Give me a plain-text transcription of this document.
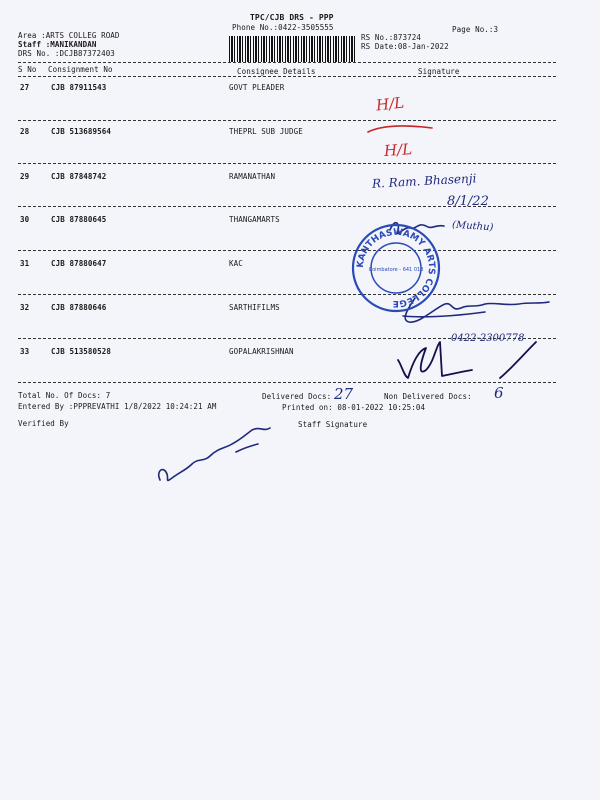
TPC/CJB DRS - PPP
Phone No.:0422-3505555	Page No.:3
Area :ARTS COLLEG ROAD
Staff :MANIKANDAN
DRS No. :DCJB87372403
RS No.:873724
RS Date:08-Jan-2022
S No Consignment No	Consignee Details	Signature
27	CJB 87911543	GOVT PLEADER
28	CJB 513689564	THEPRL SUB JUDGE
29	CJB 87848742	RAMANATHAN
30	CJB 87880645	THANGAMARTS
31	CJB 87880647	KAC
32	CJB 87880646	SARTHIFILMS
33	CJB 513580528	GOPALAKRISHNAN
Total No. Of Docs: 7	Delivered Docs:	Non Delivered Docs:
Entered By :PPPREVATHI 1/8/2022 10:24:21 AM	Printed on: 08-01-2022 10:25:04
Verified By	Staff Signature
H/L
H/L
R. Ram. Bhasenji
8/1/22
(Muthu)
0422-2300778
27	6
KANTHASWAMY ARTS COLLEGE
Coimbatore - 641 018
